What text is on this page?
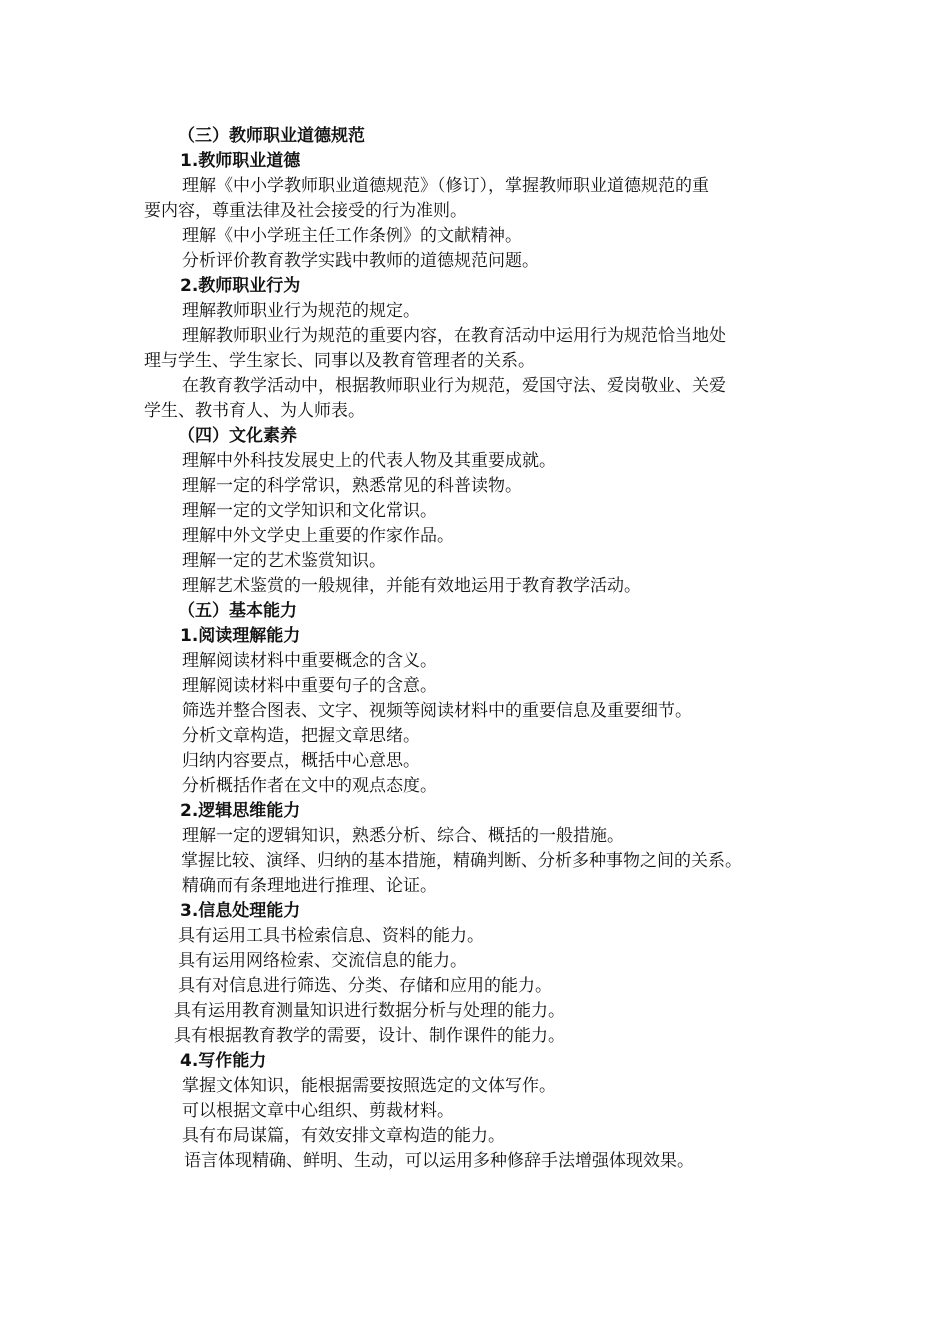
（三）教师职业道德规范
1.教师职业道德
理解《中小学教师职业道德规范》（修订），掌握教师职业道德规范的重
要内容，尊重法律及社会接受的行为准则。
理解《中小学班主任工作条例》的文献精神。
分析评价教育教学实践中教师的道德规范问题。
2.教师职业行为
理解教师职业行为规范的规定。
理解教师职业行为规范的重要内容，在教育活动中运用行为规范恰当地处
理与学生、学生家长、同事以及教育管理者的关系。
在教育教学活动中，根据教师职业行为规范，爱国守法、爱岗敬业、关爱
学生、教书育人、为人师表。
（四）文化素养
理解中外科技发展史上的代表人物及其重要成就。
理解一定的科学常识，熟悉常见的科普读物。
理解一定的文学知识和文化常识。
理解中外文学史上重要的作家作品。
理解一定的艺术鉴赏知识。
理解艺术鉴赏的一般规律，并能有效地运用于教育教学活动。
（五）基本能力
1.阅读理解能力
理解阅读材料中重要概念的含义。
理解阅读材料中重要句子的含意。
筛选并整合图表、文字、视频等阅读材料中的重要信息及重要细节。
分析文章构造，把握文章思绪。
归纳内容要点，概括中心意思。
分析概括作者在文中的观点态度。
2.逻辑思维能力
理解一定的逻辑知识，熟悉分析、综合、概括的一般措施。
掌握比较、演绎、归纳的基本措施，精确判断、分析多种事物之间的关系。
精确而有条理地进行推理、论证。
3.信息处理能力
具有运用工具书检索信息、资料的能力。
具有运用网络检索、交流信息的能力。
具有对信息进行筛选、分类、存储和应用的能力。
具有运用教育测量知识进行数据分析与处理的能力。
具有根据教育教学的需要，设计、制作课件的能力。
4.写作能力
掌握文体知识，能根据需要按照选定的文体写作。
可以根据文章中心组织、剪裁材料。
具有布局谋篇，有效安排文章构造的能力。
语言体现精确、鲜明、生动，可以运用多种修辞手法增强体现效果。
